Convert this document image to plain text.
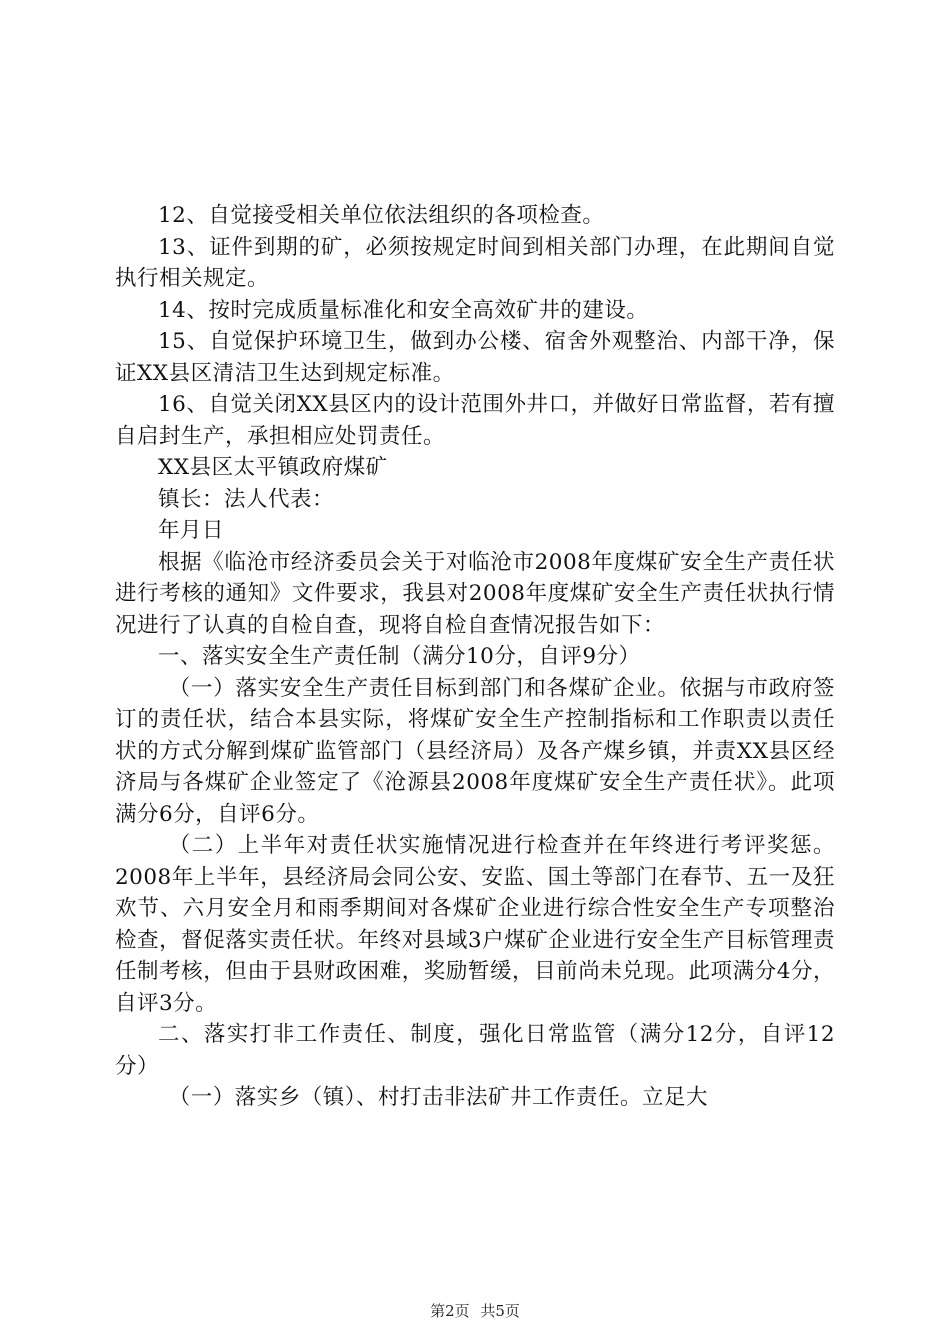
12、自觉接受相关单位依法组织的各项检查。

13、证件到期的矿，必须按规定时间到相关部门办理，在此期间自觉执行相关规定。

14、按时完成质量标准化和安全高效矿井的建设。

15、自觉保护环境卫生，做到办公楼、宿舍外观整治、内部干净，保证XX县区清洁卫生达到规定标准。

16、自觉关闭XX县区内的设计范围外井口，并做好日常监督，若有擅自启封生产，承担相应处罚责任。

XX县区太平镇政府煤矿

镇长：法人代表：

年月日

根据《临沧市经济委员会关于对临沧市2008年度煤矿安全生产责任状进行考核的通知》文件要求，我县对2008年度煤矿安全生产责任状执行情况进行了认真的自检自查，现将自检自查情况报告如下：

一、落实安全生产责任制（满分10分，自评9分）

（一）落实安全生产责任目标到部门和各煤矿企业。依据与市政府签订的责任状，结合本县实际，将煤矿安全生产控制指标和工作职责以责任状的方式分解到煤矿监管部门（县经济局）及各产煤乡镇，并责XX县区经济局与各煤矿企业签定了《沧源县2008年度煤矿安全生产责任状》。此项满分6分，自评6分。

（二）上半年对责任状实施情况进行检查并在年终进行考评奖惩。2008年上半年，县经济局会同公安、安监、国土等部门在春节、五一及狂欢节、六月安全月和雨季期间对各煤矿企业进行综合性安全生产专项整治检查，督促落实责任状。年终对县域3户煤矿企业进行安全生产目标管理责任制考核，但由于县财政困难，奖励暂缓，目前尚未兑现。此项满分4分，自评3分。

二、落实打非工作责任、制度，强化日常监管（满分12分，自评12分）

（一）落实乡（镇）、村打击非法矿井工作责任。立足大

第2页 共5页
